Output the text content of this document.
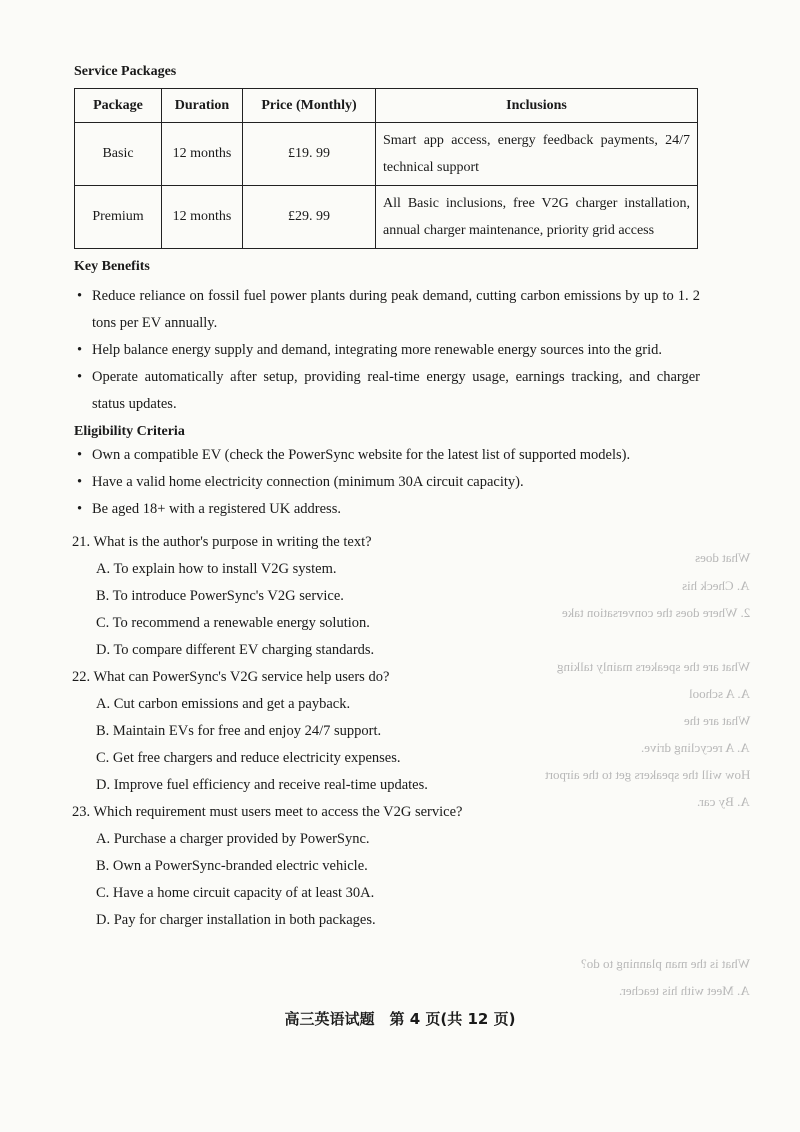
What does
A. Check his
2. Where does the conversation take
What are the speakers mainly talking
A. A school
What are the
A. A recycling drive.
How will the speakers get to the airport
A. By car.
What is the man planning to do?
A. Meet with his teacher.
Service Packages
Package	Duration	Price (Monthly)	Inclusions
Basic	12 months	£19. 99	Smart app access, energy feedback payments, 24/7 technical support
Premium	12 months	£29. 99	All Basic inclusions, free V2G charger installation, annual charger maintenance, priority grid access
Key Benefits
• Reduce reliance on fossil fuel power plants during peak demand, cutting carbon emissions by up to 1. 2 tons per EV annually.
• Help balance energy supply and demand, integrating more renewable energy sources into the grid.
• Operate automatically after setup, providing real-time energy usage, earnings tracking, and charger status updates.
Eligibility Criteria
• Own a compatible EV (check the PowerSync website for the latest list of supported models).
• Have a valid home electricity connection (minimum 30A circuit capacity).
• Be aged 18+ with a registered UK address.
21. What is the author's purpose in writing the text?
A. To explain how to install V2G system.
B. To introduce PowerSync's V2G service.
C. To recommend a renewable energy solution.
D. To compare different EV charging standards.
22. What can PowerSync's V2G service help users do?
A. Cut carbon emissions and get a payback.
B. Maintain EVs for free and enjoy 24/7 support.
C. Get free chargers and reduce electricity expenses.
D. Improve fuel efficiency and receive real-time updates.
23. Which requirement must users meet to access the V2G service?
A. Purchase a charger provided by PowerSync.
B. Own a PowerSync-branded electric vehicle.
C. Have a home circuit capacity of at least 30A.
D. Pay for charger installation in both packages.
高三英语试题　第 4 页(共 12 页)
